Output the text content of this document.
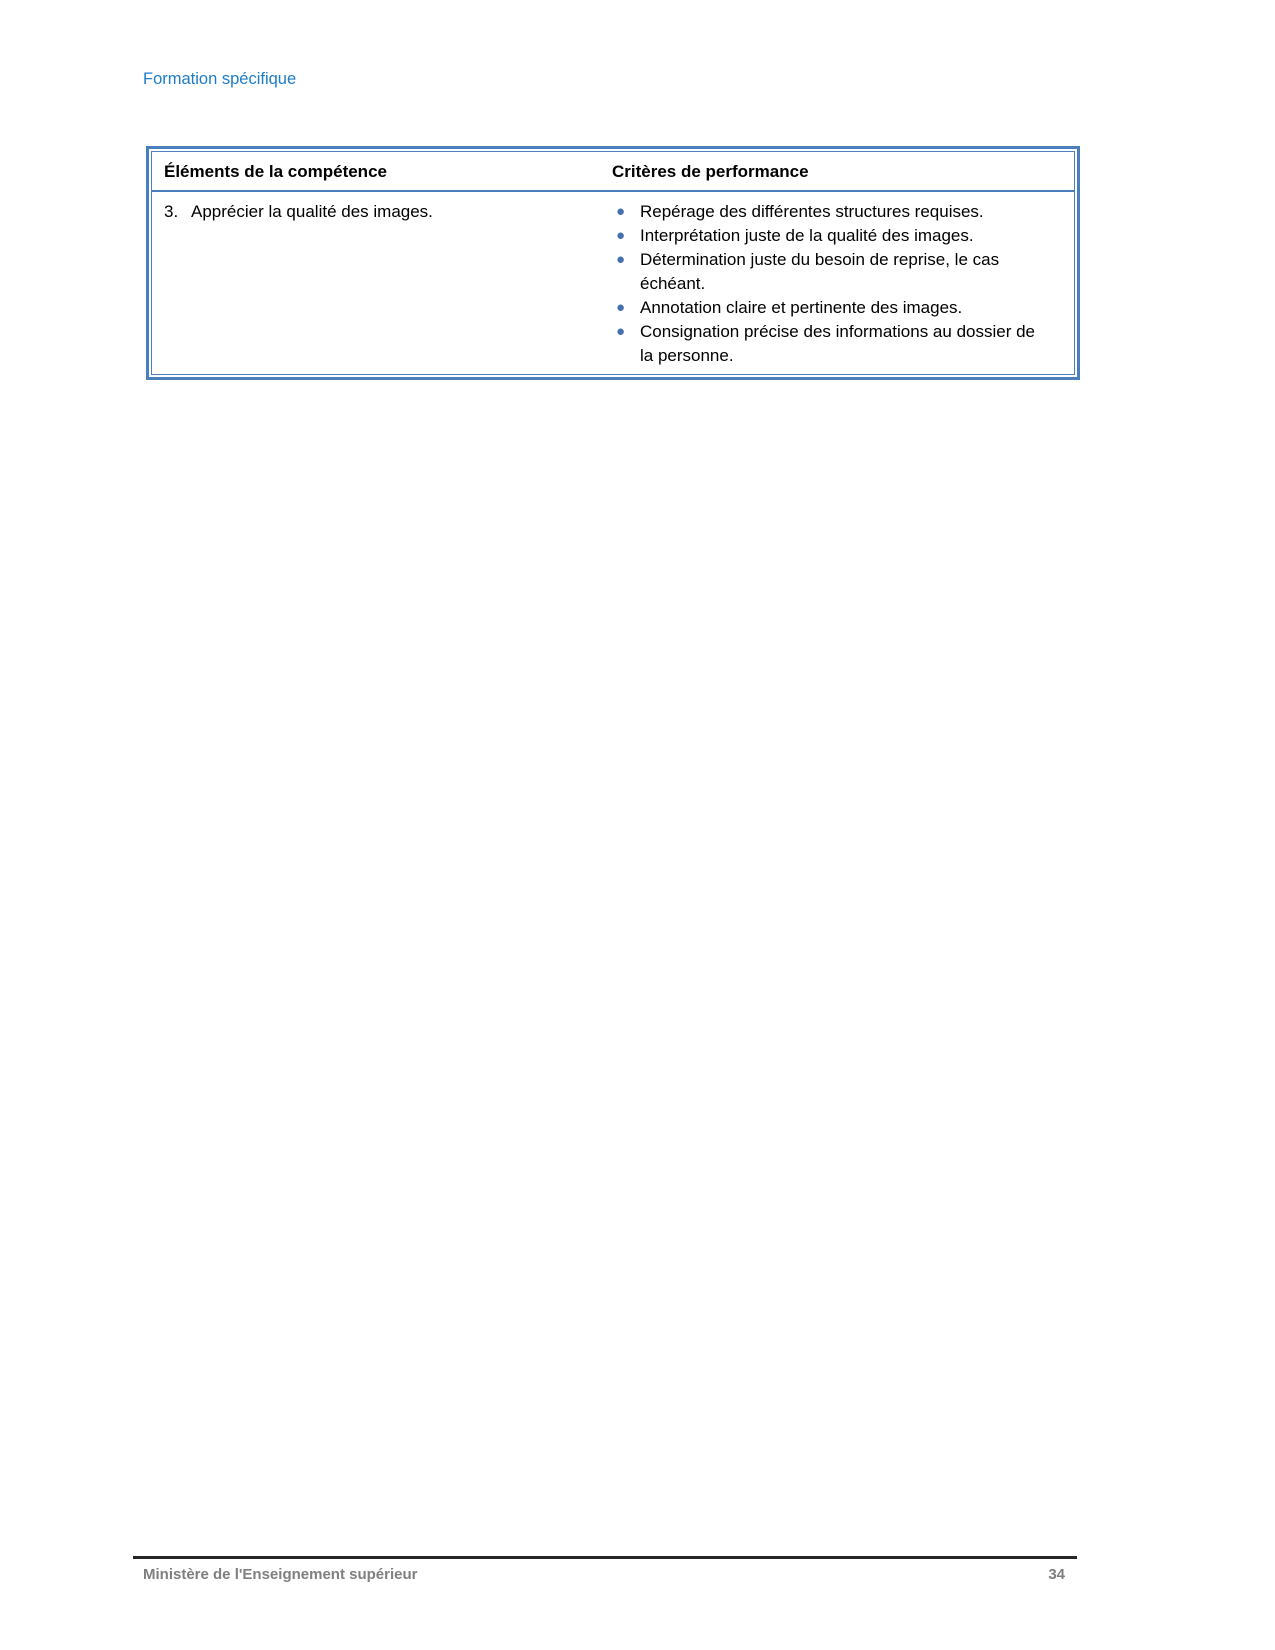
Formation spécifique
Éléments de la compétence	Critères de performance
3. Apprécier la qualité des images.	● Repérage des différentes structures requises.
● Interprétation juste de la qualité des images.
● Détermination juste du besoin de reprise, le cas échéant.
● Annotation claire et pertinente des images.
● Consignation précise des informations au dossier de la personne.
Ministère de l'Enseignement supérieur	34
